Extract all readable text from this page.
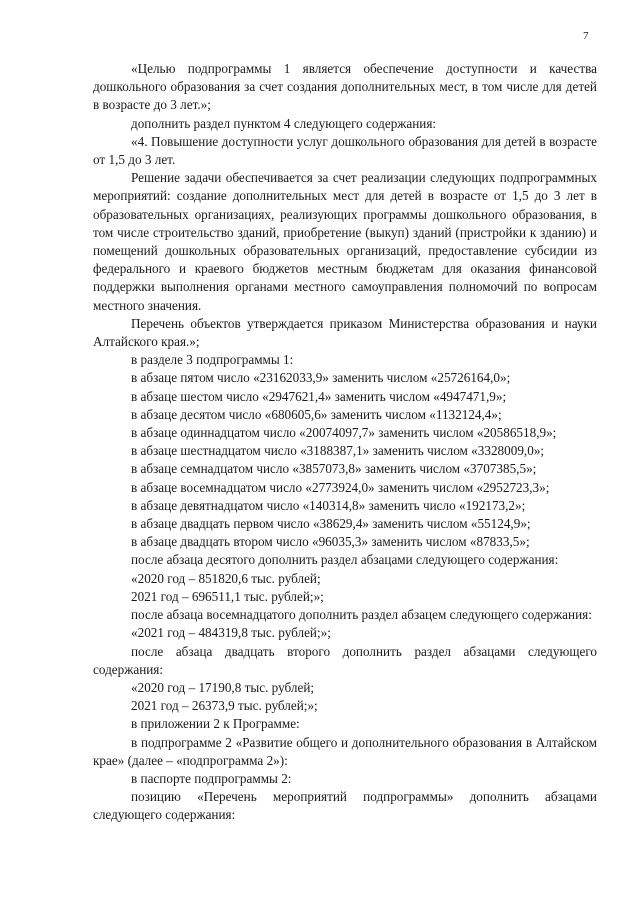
7

«Целью подпрограммы 1 является обеспечение доступности и качества дошкольного образования за счет создания дополнительных мест, в том числе для детей в возрасте до 3 лет.»;

дополнить раздел пунктом 4 следующего содержания:

«4. Повышение доступности услуг дошкольного образования для детей в возрасте от 1,5 до 3 лет.

Решение задачи обеспечивается за счет реализации следующих подпрограммных мероприятий: создание дополнительных мест для детей в возрасте от 1,5 до 3 лет в образовательных организациях, реализующих программы дошкольного образования, в том числе строительство зданий, приобретение (выкуп) зданий (пристройки к зданию) и помещений дошкольных образовательных организаций, предоставление субсидии из федерального и краевого бюджетов местным бюджетам для оказания финансовой поддержки выполнения органами местного самоуправления полномочий по вопросам местного значения.

Перечень объектов утверждается приказом Министерства образования и науки Алтайского края.»;

в разделе 3 подпрограммы 1:

в абзаце пятом число «23162033,9» заменить числом «25726164,0»;

в абзаце шестом число «2947621,4» заменить числом «4947471,9»;

в абзаце десятом число «680605,6» заменить числом «1132124,4»;

в абзаце одиннадцатом число «20074097,7» заменить числом «20586518,9»;

в абзаце шестнадцатом число «3188387,1» заменить числом «3328009,0»;

в абзаце семнадцатом число «3857073,8» заменить числом «3707385,5»;

в абзаце восемнадцатом число «2773924,0» заменить числом «2952723,3»;

в абзаце девятнадцатом число «140314,8» заменить число «192173,2»;

в абзаце двадцать первом число «38629,4» заменить числом «55124,9»;

в абзаце двадцать втором число «96035,3» заменить числом «87833,5»;

после абзаца десятого дополнить раздел абзацами следующего содержания:

«2020 год – 851820,6 тыс. рублей;

2021 год – 696511,1 тыс. рублей;»;

после абзаца восемнадцатого дополнить раздел абзацем следующего содержания:

«2021 год – 484319,8 тыс. рублей;»;

после абзаца двадцать второго дополнить раздел абзацами следующего содержания:

«2020 год – 17190,8 тыс. рублей;

2021 год – 26373,9 тыс. рублей;»;

в приложении 2 к Программе:

в подпрограмме 2 «Развитие общего и дополнительного образования в Алтайском крае» (далее – «подпрограмма 2»):

в паспорте подпрограммы 2:

позицию «Перечень мероприятий подпрограммы» дополнить абзацами следующего содержания:
